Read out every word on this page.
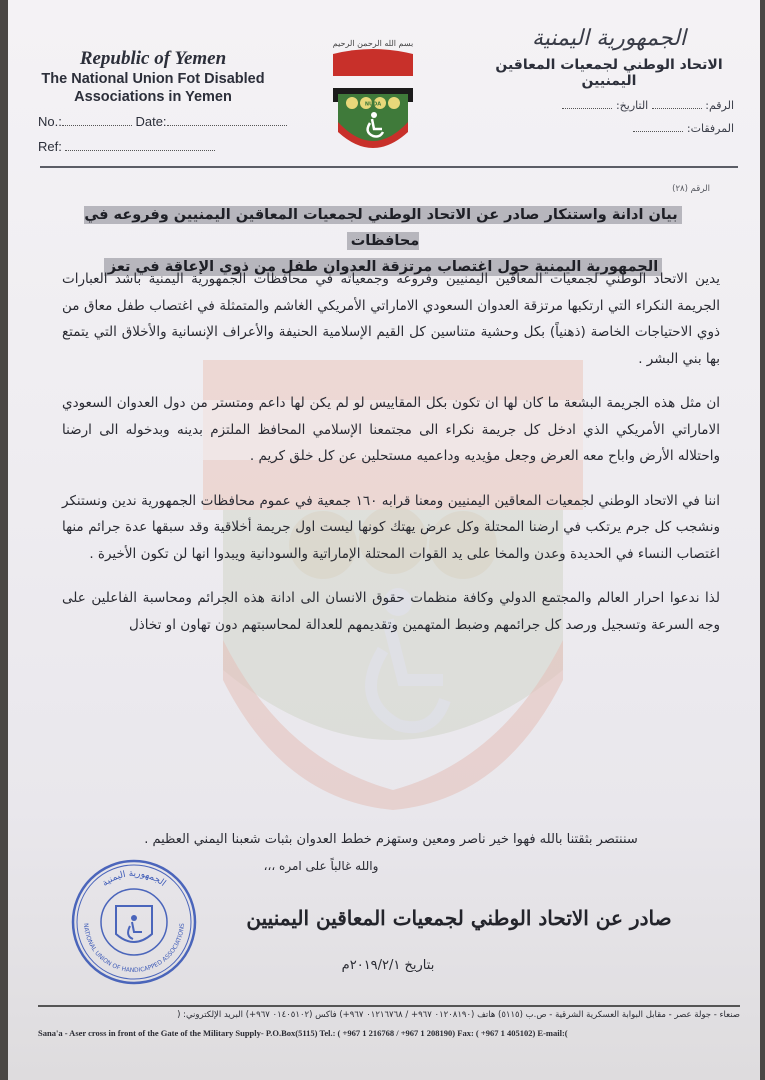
Republic of Yemen
The National Union Fot Disabled
Associations in Yemen
No.:	Date:
Ref:
بسم الله الرحمن الرحيم
NUDA
الجمهورية اليمنية
الاتحاد الوطني لجمعيات المعاقين اليمنيين
الرقم:  التاريخ:
المرفقات:
الرقم (٢٨)
بيان ادانة واستنكار صادر عن الاتحاد الوطني لجمعيات المعاقين اليمنيين وفروعه في محافظات
الجمهورية اليمنية حول اغتصاب مرتزقة العدوان طفل من ذوي الإعاقة في تعز

يدين الاتحاد الوطني لجمعيات المعاقين اليمنيين وفروعه وجمعياته في محافظات الجمهورية اليمنية باشد العبارات الجريمة النكراء التي ارتكبها مرتزقة العدوان السعودي الاماراتي الأمريكي الغاشم والمتمثلة في اغتصاب طفل معاق من ذوي الاحتياجات الخاصة (ذهنياً) بكل وحشية متناسين كل القيم الإسلامية الحنيفة والأعراف الإنسانية والأخلاق التي يتمتع بها بني البشر .

ان مثل هذه الجريمة البشعة ما كان لها ان تكون بكل المقاييس لو لم يكن لها داعم ومتستر من دول العدوان السعودي الاماراتي الأمريكي الذي ادخل كل جريمة نكراء الى مجتمعنا الإسلامي المحافظ الملتزم بدينه وبدخوله الى ارضنا واحتلاله الأرض واباح معه العرض وجعل مؤيديه وداعميه مستحلين عن كل خلق كريم .

اننا في الاتحاد الوطني لجمعيات المعاقين اليمنيين ومعنا قرابه ١٦٠ جمعية في عموم محافظات الجمهورية ندين ونستنكر ونشجب كل جرم يرتكب في ارضنا المحتلة وكل عرض يهتك كونها ليست اول جريمة أخلاقية وقد سبقها عدة جرائم منها اغتصاب النساء في الحديدة وعدن والمخا على يد القوات المحتلة الإماراتية والسودانية ويبدوا انها لن تكون الأخيرة .

لذا ندعوا احرار العالم والمجتمع الدولي وكافة منظمات حقوق الانسان الى ادانة هذه الجرائم ومحاسبة الفاعلين على وجه السرعة وتسجيل ورصد كل جرائمهم وضبط المتهمين وتقديمهم للعدالة لمحاسبتهم دون تهاون او تخاذل

سننتصر بثقتنا بالله فهوا خير ناصر ومعين وستهزم خطط العدوان بثبات شعبنا اليمني العظيم .
والله غالباً على امره ،،،
صادر عن الاتحاد الوطني لجمعيات المعاقين اليمنيين
بتاريخ ٢٠١٩/٢/١م
الجمهورية اليمنية
NATIONAL UNION OF HANDICAPPED ASSOCIATIONS
صنعاء - جولة عصر - مقابل البوابة العسكرية الشرقية - ص.ب (٥١١٥) هاتف (٠١٢٠٨١٩٠ ٩٦٧+ / ٠١٢١٦٧٦٨ ٩٦٧+) فاكس (٠١٤٠٥١٠٢ ٩٦٧+) البريد الإلكتروني: (
Sana'a - Aser cross in front of the Gate of the Military Supply- P.O.Box(5115) Tel.: ( +967 1 216768 / +967 1 208190) Fax: ( +967 1 405102) E-mail:(
